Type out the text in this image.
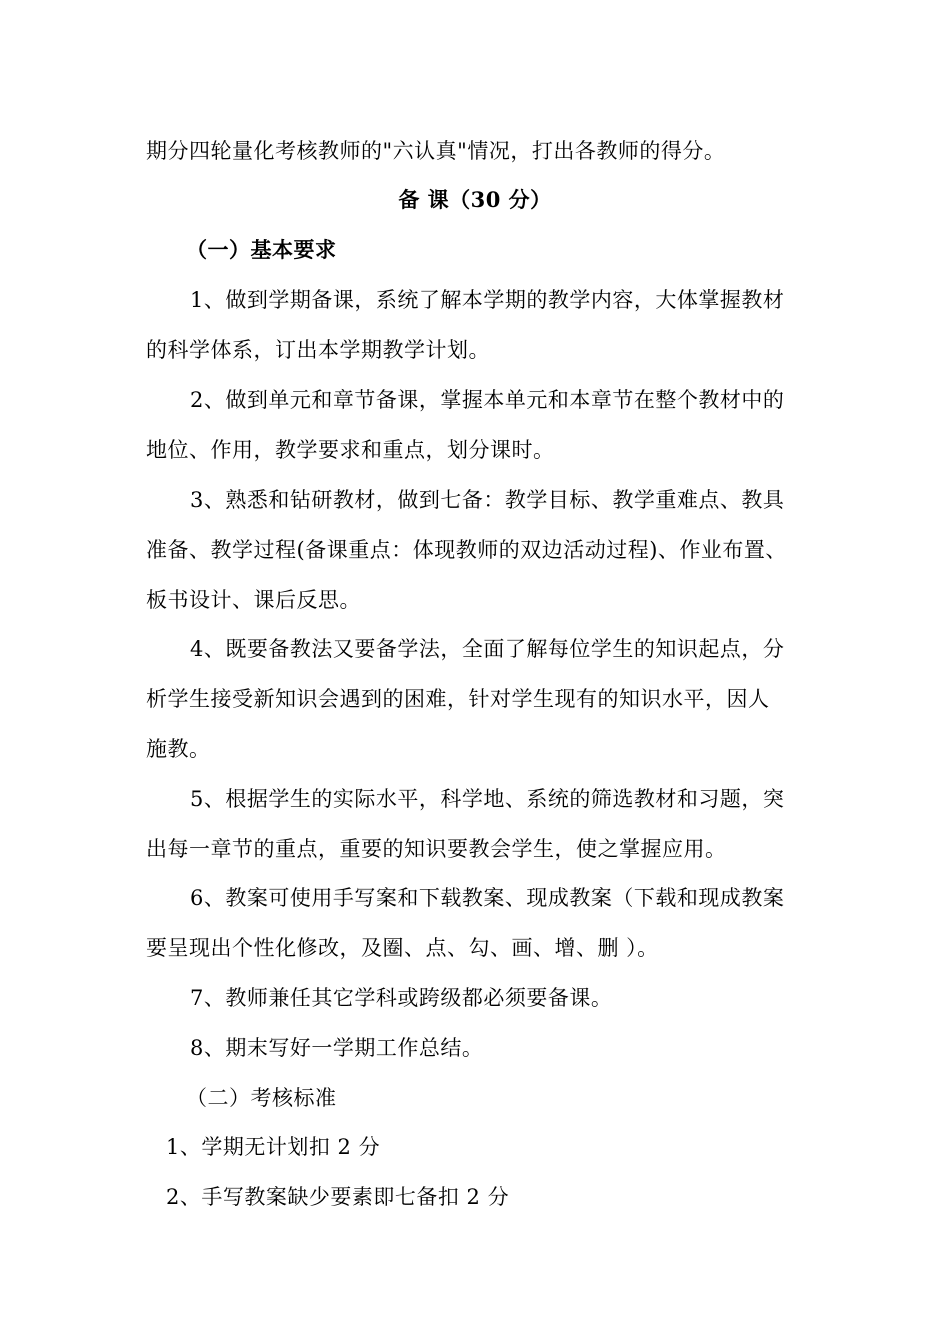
期分四轮量化考核教师的"六认真"情况，打出各教师的得分。
备 课（30 分）
（一）基本要求
1、做到学期备课，系统了解本学期的教学内容，大体掌握教材
的科学体系，订出本学期教学计划。
2、做到单元和章节备课，掌握本单元和本章节在整个教材中的
地位、作用，教学要求和重点，划分课时。
3、熟悉和钻研教材，做到七备：教学目标、教学重难点、教具
准备、教学过程(备课重点：体现教师的双边活动过程)、作业布置、
板书设计、课后反思。
4、既要备教法又要备学法，全面了解每位学生的知识起点，分
析学生接受新知识会遇到的困难，针对学生现有的知识水平，因人
施教。
5、根据学生的实际水平，科学地、系统的筛选教材和习题，突
出每一章节的重点，重要的知识要教会学生，使之掌握应用。
6、教案可使用手写案和下载教案、现成教案（下载和现成教案
要呈现出个性化修改，及圈、点、勾、画、增、删 ）。
7、教师兼任其它学科或跨级都必须要备课。
8、期末写好一学期工作总结。
（二）考核标准
1、学期无计划扣 2 分
2、手写教案缺少要素即七备扣 2 分
